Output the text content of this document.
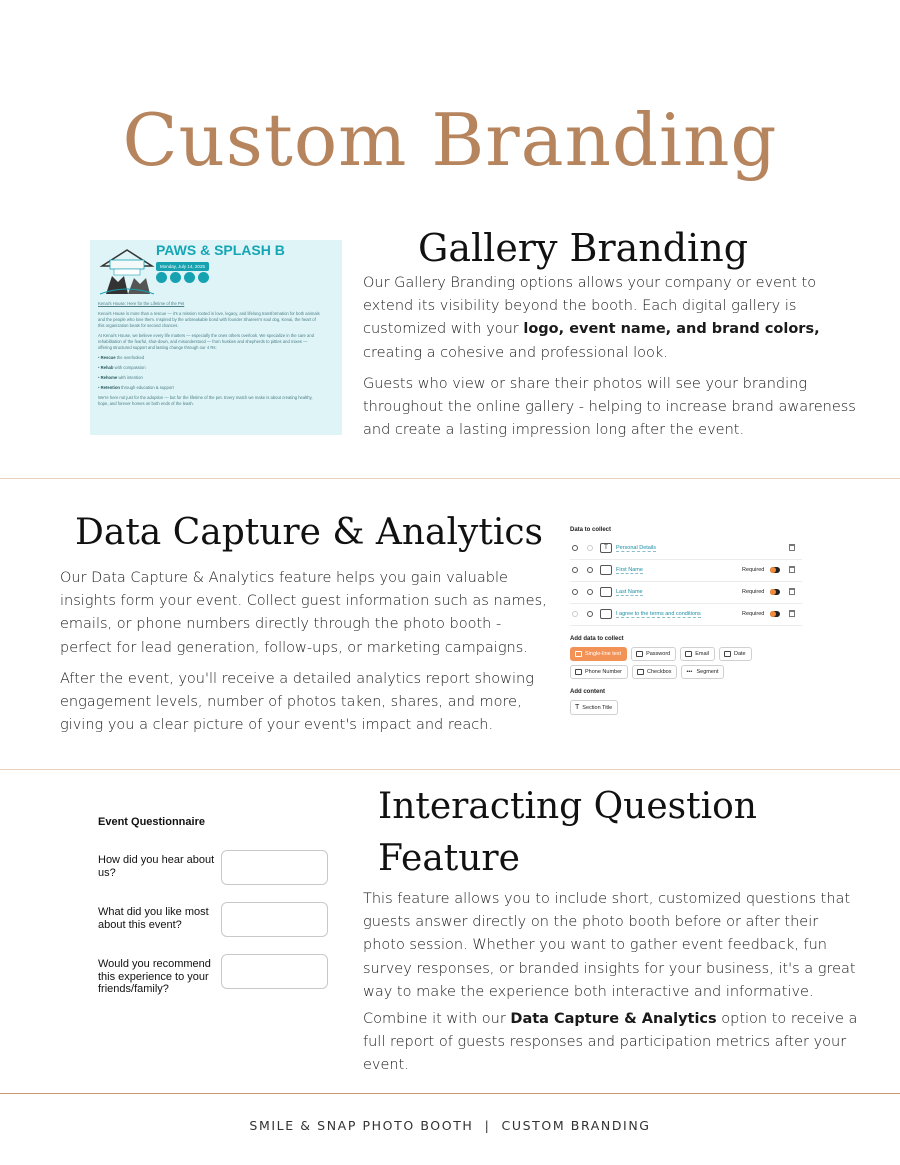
Custom Branding
PAWS & SPLASH B
Monday, July 14, 2025
Kenai's House: Here for the Lifetime of the Pet
Kenai's House is more than a rescue — it's a mission rooted in love, legacy, and lifelong transformation for both animals
and the people who love them. Inspired by the unbreakable bond with founder Shareen's soul dog, Kenai, the heart of
this organization beats for second chances.
At Kenai's House, we believe every life matters — especially the ones others overlook. We specialize in the care and
rehabilitation of the fearful, shut-down, and misunderstood — from huskies and shepherds to pitties and mixes —
offering structured support and lasting change through our 4 Rs:
• Rescue the overlooked
• Rehab with compassion
• Rehome with intention
• Retention through education & support
We're here not just for the adoption — but for the lifetime of the pet. Every match we make is about creating healthy,
hope, and forever homes on both ends of the leash.
Gallery Branding

Our Gallery Branding options allows your company or event to extend its visibility beyond the booth. Each digital gallery is customized with your logo, event name, and brand colors, creating a cohesive and professional look.

Guests who view or share their photos will see your branding throughout the online gallery - helping to increase brand awareness and create a lasting impression long after the event.

Data Capture & Analytics

Our Data Capture & Analytics feature helps you gain valuable insights form your event. Collect guest information such as names, emails, or phone numbers directly through the photo booth - perfect for lead generation, follow-ups, or marketing campaigns.

After the event, you'll receive a detailed analytics report showing engagement levels, number of photos taken, shares, and more, giving you a clear picture of your event's impact and reach.

Data to collect
T	Personal Details
First Name	Required
Last Name	Required
I agree to the terms and conditions	Required
Add data to collect
Single-line text	Password	Email	Date
Phone Number	Checkbox	••• Segment
Add content
T Section Title
Event Questionnaire
How did you hear about us?
What did you like most about this event?
Would you recommend this experience to your friends/family?
Interacting Question
Feature

This feature allows you to include short, customized questions that guests answer directly on the photo booth before or after their photo session. Whether you want to gather event feedback, fun survey responses, or branded insights for your business, it's a great way to make the experience both interactive and informative.

Combine it with our Data Capture & Analytics option to receive a full report of guests responses and participation metrics after your event.

SMILE & SNAP PHOTO BOOTH  |  CUSTOM BRANDING
